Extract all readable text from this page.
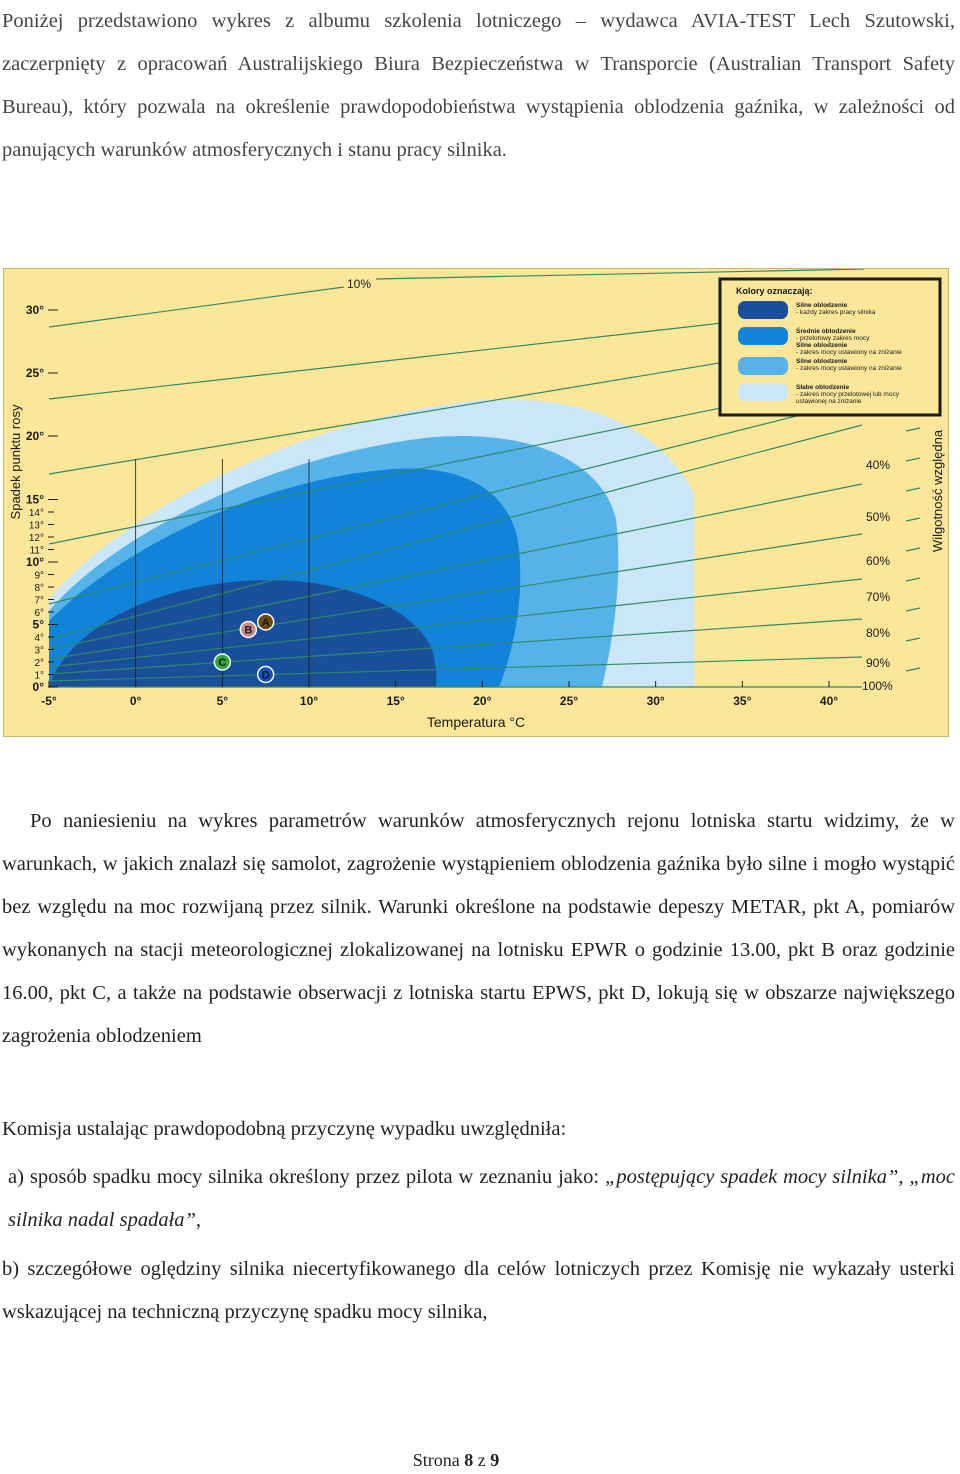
Poniżej przedstawiono wykres z albumu szkolenia lotniczego – wydawca AVIA-TEST Lech Szutowski, zaczerpnięty z opracowań Australijskiego Biura Bezpieczeństwa w Transporcie (Australian Transport Safety Bureau), który pozwala na określenie prawdopodobieństwa wystąpienia oblodzenia gaźnika, w zależności od panujących warunków atmosferycznych i stanu pracy silnika.

10%
40%
50%
60%
70%
80%
90%
100%
0°
1°
2°
3°
4°
5°
6°
7°
8°
9°
10°
11°
12°
13°
14°
15°
20°
25°
30°
-5°	0°	5°	10°	15°	20°	25°	30°	35°	40°
A
B
C
D
Temperatura °C
Spadek punktu rosy	Wilgotność względna
Kolory oznaczają:
Silne oblodzenie
- każdy zakres pracy silnika
Średnie oblodzenie
- przelotowy zakres mocy
Silne oblodzenie
- zakres mocy ustawiony na zniżanie
Silne oblodzenie
- zakres mocy ustawiony na zniżanie
Słabe oblodzenie
- zakres mocy przelotowej lub mocy
ustawionej na zniżanie

Po naniesieniu na wykres parametrów warunków atmosferycznych rejonu lotniska startu widzimy, że w warunkach, w jakich znalazł się samolot, zagrożenie wystąpieniem oblodzenia gaźnika było silne i mogło wystąpić bez względu na moc rozwijaną przez silnik. Warunki określone na podstawie depeszy METAR, pkt A, pomiarów wykonanych na stacji meteorologicznej zlokalizowanej na lotnisku EPWR o godzinie 13.00, pkt B oraz godzinie 16.00, pkt C, a także na podstawie obserwacji z lotniska startu EPWS, pkt D, lokują się w obszarze największego zagrożenia oblodzeniem

Komisja ustalając prawdopodobną przyczynę wypadku uwzględniła:

a) sposób spadku mocy silnika określony przez pilota w zeznaniu jako: „postępujący spadek mocy silnika”, „moc silnika nadal spadała”,

b) szczegółowe oględziny silnika niecertyfikowanego dla celów lotniczych przez Komisję nie wykazały usterki wskazującej na techniczną przyczynę spadku mocy silnika,

Strona 8 z 9
